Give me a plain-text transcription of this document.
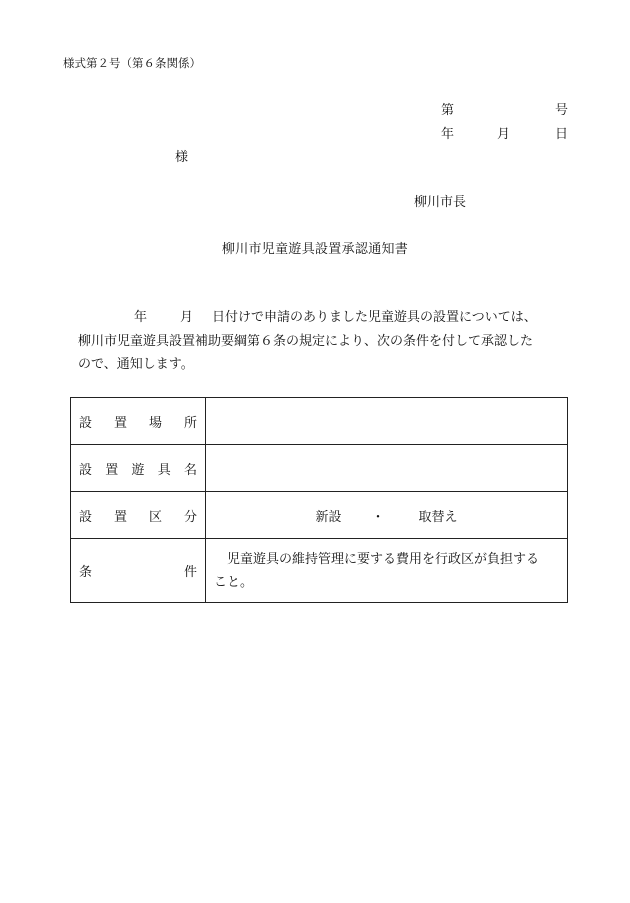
様式第２号（第６条関係）
第	号
年	月	日
様
柳川市長
柳川市児童遊具設置承認通知書
年	月 日付けで申請のありました児童遊具の設置については、
柳川市児童遊具設置補助要綱第６条の規定により、次の条件を付して承認した
ので、通知します。
設 置 場 所	

設 置 遊 具 名	

設 置 区 分	新設 ・ 取替え

条 件	児童遊具の維持管理に要する費用を行政区が負担すること。
